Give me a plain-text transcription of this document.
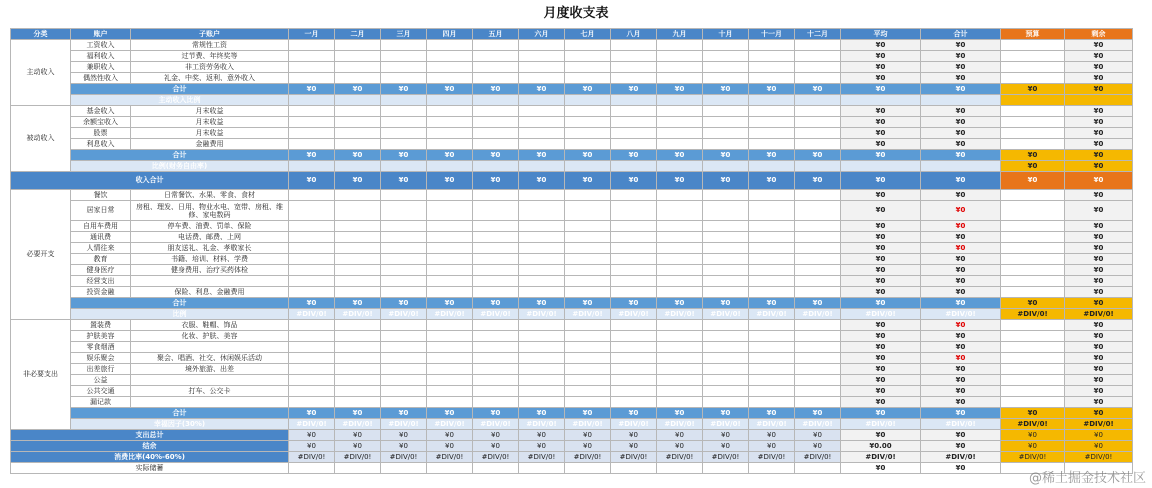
月度收支表
分类	账户	子账户	一月	二月	三月	四月	五月	六月	七月	八月	九月	十月	十一月	十二月	平均	合计	预算	剩余
主动收入	工资收入	常规性工资													¥0	¥0		¥0
	福利收入	过节费、年终奖等													¥0	¥0		¥0
	兼职收入	非工资劳务收入													¥0	¥0		¥0
	偶然性收入	礼金、中奖、返利、意外收入													¥0	¥0		¥0
	合计		¥0	¥0	¥0	¥0	¥0	¥0	¥0	¥0	¥0	¥0	¥0	¥0	¥0	¥0	¥0	¥0
	主动收入比例																	
被动收入	基金收入	月末收益													¥0	¥0		¥0
	余额宝收入	月末收益													¥0	¥0		¥0
	股票	月末收益													¥0	¥0		¥0
	利息收入	金融费用													¥0	¥0		¥0
	合计		¥0	¥0	¥0	¥0	¥0	¥0	¥0	¥0	¥0	¥0	¥0	¥0	¥0	¥0	¥0	¥0
	比例(财务自由率)																¥0	¥0
收入合计			¥0	¥0	¥0	¥0	¥0	¥0	¥0	¥0	¥0	¥0	¥0	¥0	¥0	¥0	¥0	¥0
必要开支	餐饮	日常餐饮、水果、零食、食材													¥0	¥0		¥0
	居家日常	房租、理发、日用、物业水电、宽带、房租、维修、家电数码													¥0	¥0		¥0
	自用车费用	停车费、油费、罚单、保险													¥0	¥0		¥0
	通讯费	电话费、邮费、上网													¥0	¥0		¥0
	人情往来	朋友送礼、礼金、孝敬家长													¥0	¥0		¥0
	教育	书籍、培训、材料、学费													¥0	¥0		¥0
	健身医疗	健身费用、治疗买药体检													¥0	¥0		¥0
	经营支出														¥0	¥0		¥0
	投资金融	保险、利息、金融费用													¥0	¥0		¥0
	合计		¥0	¥0	¥0	¥0	¥0	¥0	¥0	¥0	¥0	¥0	¥0	¥0	¥0	¥0	¥0	¥0
	比例		#DIV/0!	#DIV/0!	#DIV/0!	#DIV/0!	#DIV/0!	#DIV/0!	#DIV/0!	#DIV/0!	#DIV/0!	#DIV/0!	#DIV/0!	#DIV/0!	#DIV/0!	#DIV/0!	#DIV/0!	#DIV/0!
非必要支出	置装费	衣服、鞋帽、饰品													¥0	¥0		¥0
	护肤美容	化妆、护肤、美容													¥0	¥0		¥0
	零食烟酒														¥0	¥0		¥0
	娱乐聚会	聚会、唱酒、社交、休闲娱乐活动													¥0	¥0		¥0
	出差旅行	境外旅游、出差													¥0	¥0		¥0
	公益														¥0	¥0		¥0
	公共交通	打车、公交卡													¥0	¥0		¥0
	漏记款														¥0	¥0		¥0
	合计		¥0	¥0	¥0	¥0	¥0	¥0	¥0	¥0	¥0	¥0	¥0	¥0	¥0	¥0	¥0	¥0
	幸福因子(30%)		#DIV/0!	#DIV/0!	#DIV/0!	#DIV/0!	#DIV/0!	#DIV/0!	#DIV/0!	#DIV/0!	#DIV/0!	#DIV/0!	#DIV/0!	#DIV/0!	#DIV/0!	#DIV/0!	#DIV/0!	#DIV/0!
支出总计			¥0	¥0	¥0	¥0	¥0	¥0	¥0	¥0	¥0	¥0	¥0	¥0	¥0	¥0	¥0	¥0
结余			¥0	¥0	¥0	¥0	¥0	¥0	¥0	¥0	¥0	¥0	¥0	¥0	¥0.00	¥0	¥0	¥0
消费比率(40%-60%)			#DIV/0!	#DIV/0!	#DIV/0!	#DIV/0!	#DIV/0!	#DIV/0!	#DIV/0!	#DIV/0!	#DIV/0!	#DIV/0!	#DIV/0!	#DIV/0!	#DIV/0!	#DIV/0!	#DIV/0!	#DIV/0!
实际储蓄															¥0	¥0		
@稀土掘金技术社区
